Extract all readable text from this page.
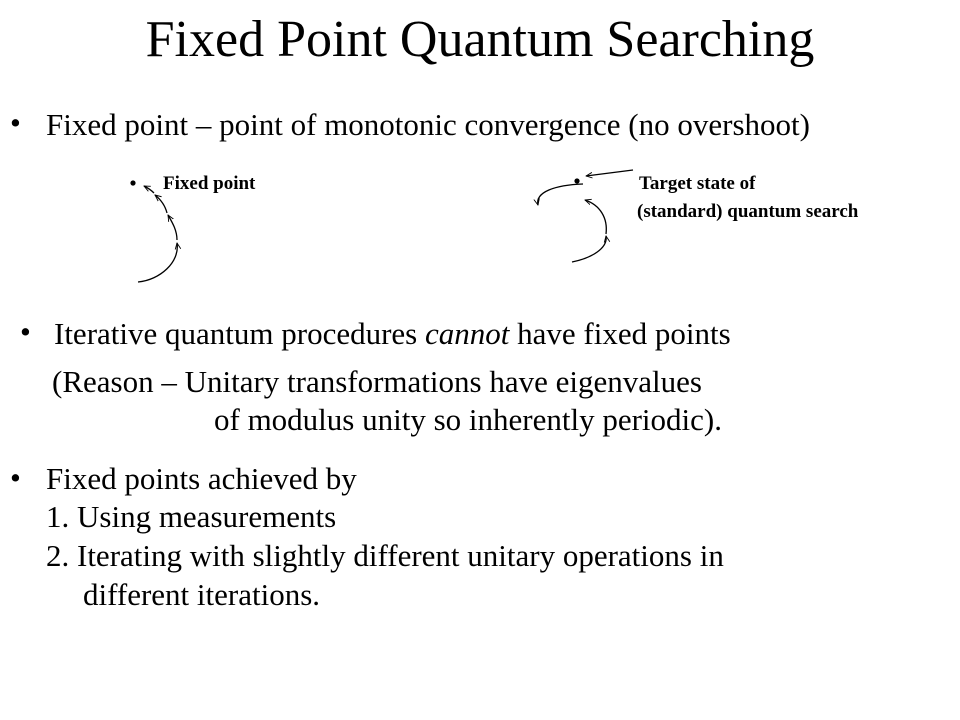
Fixed Point Quantum Searching
• Fixed point – point of monotonic convergence (no overshoot)
Fixed point	Target state of
(standard) quantum search
• Iterative quantum procedures cannot have fixed points
(Reason – Unitary transformations have eigenvalues
of modulus unity so inherently periodic).
• Fixed points achieved by
1. Using measurements
2. Iterating with slightly different unitary operations in
different iterations.
